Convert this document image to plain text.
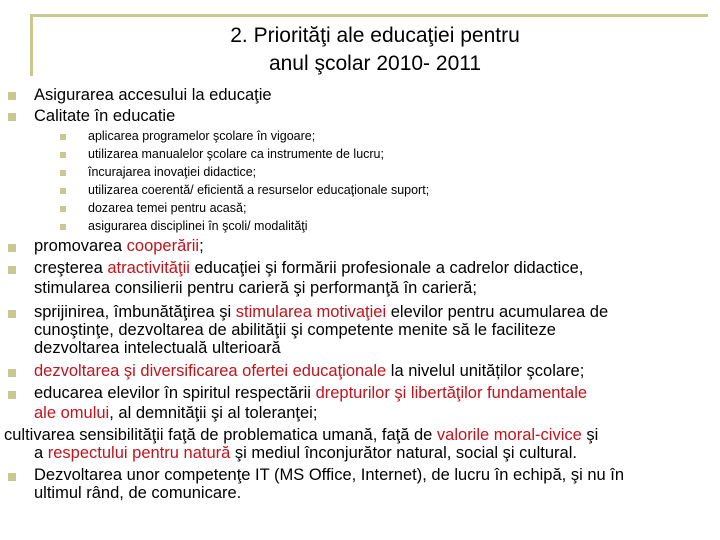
2. Priorităţi ale educaţiei pentru
anul şcolar 2010- 2011
Asigurarea accesului la educaţie
Calitate în educatie
aplicarea programelor şcolare în vigoare;
utilizarea manualelor şcolare ca instrumente de lucru;
încurajarea inovaţiei didactice;
utilizarea coerentă/ eficientă a resurselor educaţionale suport;
dozarea temei pentru acasă;
asigurarea disciplinei în şcoli/ modalităţi
promovarea cooperării;
creşterea atractivităţii educaţiei şi formării profesionale a cadrelor didactice,
stimularea consilierii pentru carieră şi performanţă în carieră;
sprijinirea, îmbunătăţirea şi stimularea motivaţiei elevilor pentru acumularea de
cunoştinţe, dezvoltarea de abilităţii şi competente menite să le faciliteze
dezvoltarea intelectuală ulterioară
dezvoltarea şi diversificarea ofertei educaţionale la nivelul unităților şcolare;
educarea elevilor în spiritul respectării drepturilor şi libertăţilor fundamentale
ale omului, al demnităţii şi al toleranţei;
cultivarea sensibilităţii faţă de problematica umană, faţă de valorile moral-civice şi
a respectului pentru natură şi mediul înconjurător natural, social şi cultural.
Dezvoltarea unor competenţe IT (MS Office, Internet), de lucru în echipă, şi nu în
ultimul rând, de comunicare.
